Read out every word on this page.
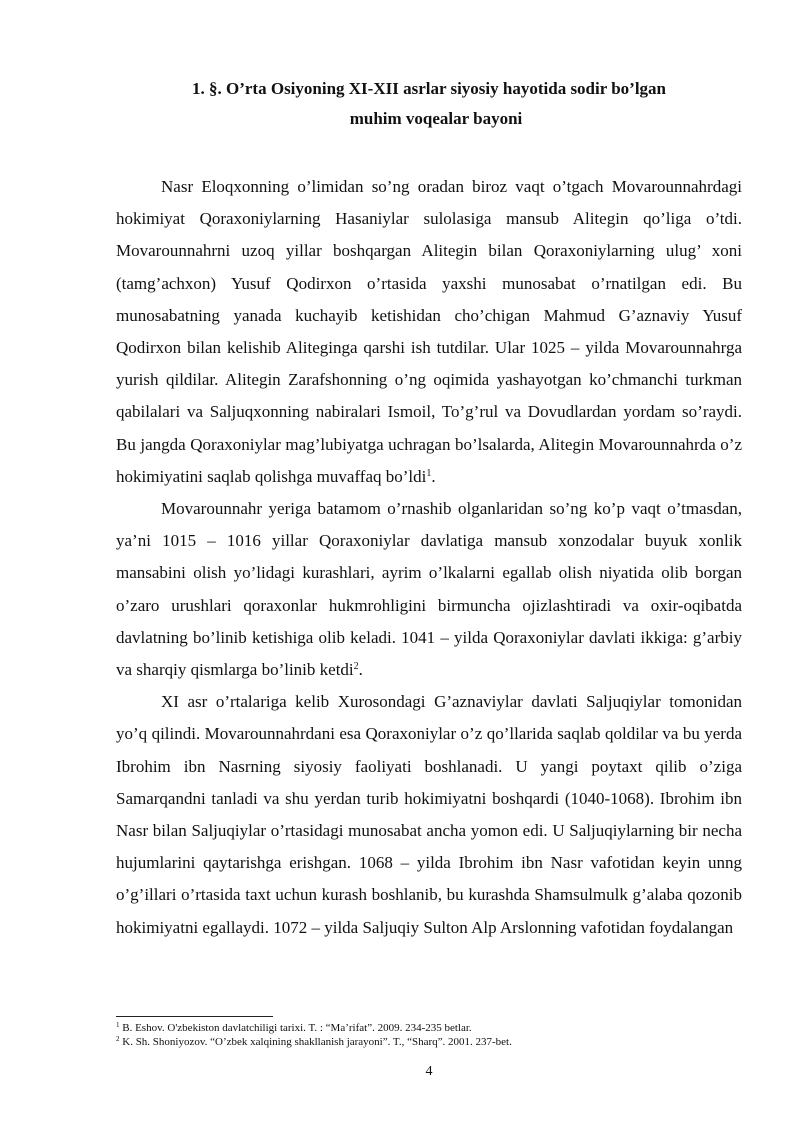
1. §. O’rta Osiyoning XI-XII asrlar siyosiy hayotida sodir bo’lgan
muhim voqealar bayoni

Nasr Eloqxonning o’limidan so’ng oradan biroz vaqt o’tgach Movarounnahrdagi hokimiyat Qoraxoniylarning Hasaniylar sulolasiga mansub Alitegin qo’liga o’tdi. Movarounnahrni uzoq yillar boshqargan Alitegin bilan Qoraxoniylarning ulug’ xoni (tamg’achxon) Yusuf Qodirxon o’rtasida yaxshi munosabat o’rnatilgan edi. Bu munosabatning yanada kuchayib ketishidan cho’chigan Mahmud G’aznaviy Yusuf Qodirxon bilan kelishib Aliteginga qarshi ish tutdilar. Ular 1025 – yilda Movarounnahrga yurish qildilar. Alitegin Zarafshonning o’ng oqimida yashayotgan ko’chmanchi turkman qabilalari va Saljuqxonning nabiralari Ismoil, To’g’rul va Dovudlardan yordam so’raydi. Bu jangda Qoraxoniylar mag’lubiyatga uchragan bo’lsalarda, Alitegin Movarounnahrda o’z hokimiyatini saqlab qolishga muvaffaq bo’ldi$^1$.

Movarounnahr yeriga batamom o’rnashib olganlaridan so’ng ko’p vaqt o’tmasdan, ya’ni 1015 – 1016 yillar Qoraxoniylar davlatiga mansub xonzodalar buyuk xonlik mansabini olish yo’lidagi kurashlari, ayrim o’lkalarni egallab olish niyatida olib borgan o’zaro urushlari qoraxonlar hukmrohligini birmuncha ojizlashtiradi va oxir-oqibatda davlatning bo’linib ketishiga olib keladi. 1041 – yilda Qoraxoniylar davlati ikkiga: g’arbiy va sharqiy qismlarga bo’linib ketdi$^2$.

XI asr o’rtalariga kelib Xurosondagi G’aznaviylar davlati Saljuqiylar tomonidan yo’q qilindi. Movarounnahrdani esa Qoraxoniylar o’z qo’llarida saqlab qoldilar va bu yerda Ibrohim ibn Nasrning siyosiy faoliyati boshlanadi. U yangi poytaxt qilib o’ziga Samarqandni tanladi va shu yerdan turib hokimiyatni boshqardi (1040-1068). Ibrohim ibn Nasr bilan Saljuqiylar o’rtasidagi munosabat ancha yomon edi. U Saljuqiylarning bir necha hujumlarini qaytarishga erishgan. 1068 – yilda Ibrohim ibn Nasr vafotidan keyin unng o’g’illari o’rtasida taxt uchun kurash boshlanib, bu kurashda Shamsulmulk g’alaba qozonib hokimiyatni egallaydi. 1072 – yilda Saljuqiy Sulton Alp Arslonning vafotidan foydalangan

$^1$ B. Eshov. O'zbekiston davlatchiligi tarixi. T. : “Ma’rifat”. 2009. 234-235 betlar.
$^2$ K. Sh. Shoniyozov. “O’zbek xalqining shakllanish jarayoni”. T., “Sharq”. 2001. 237-bet.
4
